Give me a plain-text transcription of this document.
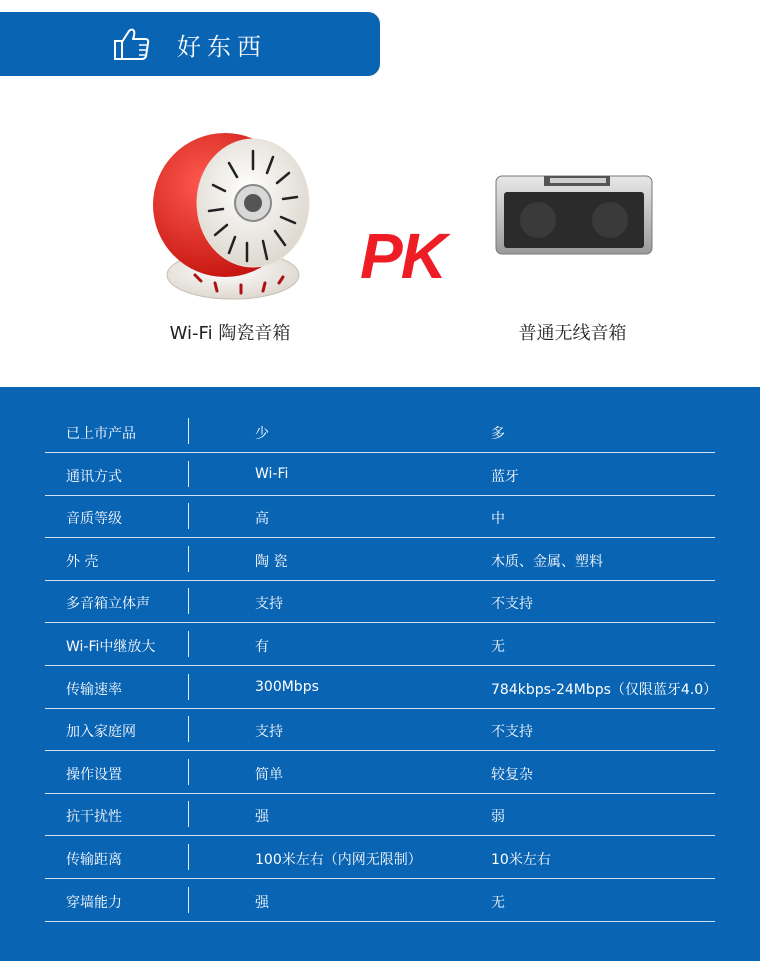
好东西
Wi-Fi 陶瓷音箱
PK
普通无线音箱
已上市产品	少	多
通讯方式	Wi-Fi	蓝牙
音质等级	高	中
外 壳	陶 瓷	木质、金属、塑料
多音箱立体声	支持	不支持
Wi-Fi中继放大	有	无
传输速率	300Mbps	784kbps-24Mbps（仅限蓝牙4.0）
加入家庭网	支持	不支持
操作设置	简单	较复杂
抗干扰性	强	弱
传输距离	100米左右（内网无限制）	10米左右
穿墙能力	强	无
